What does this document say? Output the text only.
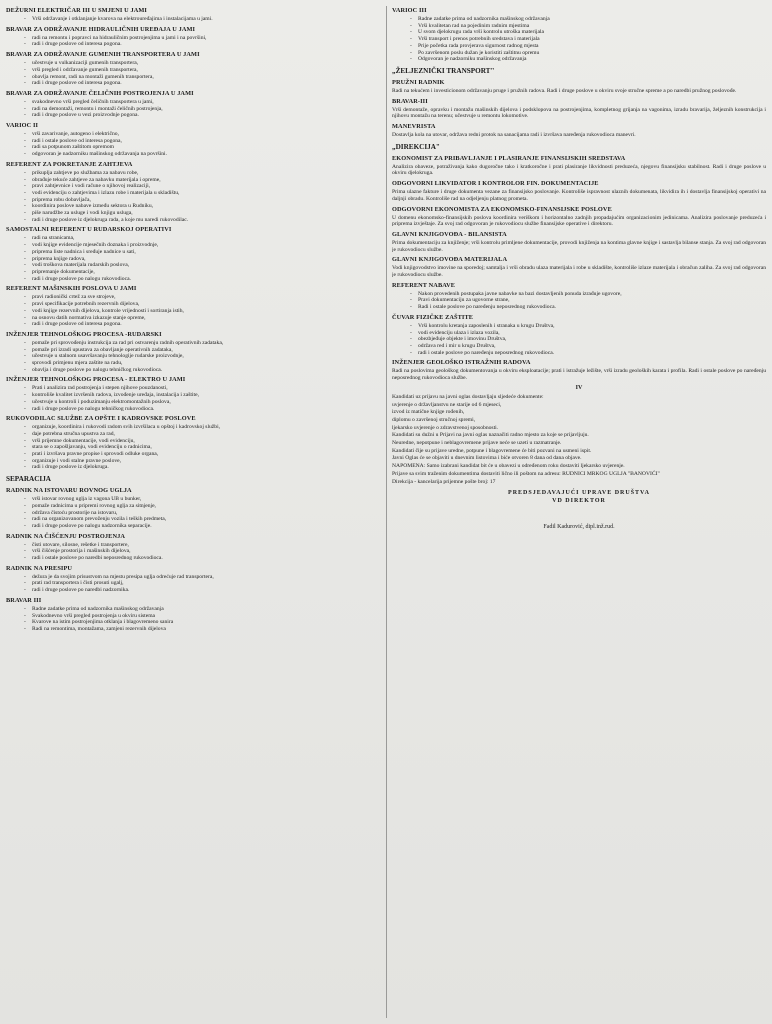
DEŽURNI ELEKTRIČAR III U SMJENI U JAMI
- Vrši održavanje i otklanjanje kvarova na elektrouređajima i instalacijama u jami.
BRAVAR ZA ODRŽAVANJE HIDRAULIČNIH UREĐAJA U JAMI
- radi na remontu i popravci na hidrauličnim postrojenjima u jami i na površini,
- radi i druge poslove od interesa pogona.
BRAVAR ZA ODRŽAVANJE GUMENIH TRANSPORTERA U JAMI
- učestvuje u vulkanizaciji gumenih transportera,
- vrši pregled i održavanje gumenih transportera,
- obavlja remont, radi na montaži gumenih transportera,
- radi i druge poslove od interesa pogona.
BRAVAR ZA ODRŽAVANJE ČELIČNIH POSTROJENJA U JAMI
- svakodnevno vrši pregled čeličnih transportera u jami,
- radi na demontaži, remontu i montaži čeličnih postrojenja,
- radi i druge poslove u vezi proizvodnje pogona.
VARIOC II
- vrši zavarivanje, autogeno i električno,
- radi i ostale poslove od interesa pogona,
- radi sa potpunom zaštitom opremom
- odgovoran je nadzorniku mašinskog održavanja na površini.
REFERENT ZA POKRETANJE ZAHTJEVA
- prikuplja zahtjeve po službama za nabavu robe,
- obrađuje tekuće zahtjeve za nabavku materijala i opreme,
- pravi zahtjevnice i vodi račune o njihovoj realizaciji,
- vodi evidenciju o zahtjevima i izlazu robe i materijala u skladištu,
- priprema robu dobavljača,
- koordinira poslove nabave između sektora u Rudniku,
- piše narudžbe za usluge i vodi knjigu usluga,
- radi i druge poslove iz djelokruga rada, a koje mu naredi rukovodilac.
SAMOSTALNI REFERENT U RUDARSKOJ OPERATIVI
- radi na stranicama,
- vodi knjige evidencije mjesečnih doznaka i proizvodnje,
- priprema liste nadnica i sređuje nadnice u sati,
- priprema knjige radova,
- vodi troškova materijala rudarskih poslova,
- pripremanje dokumentacije,
- radi i druge poslove po nalogu rukovodioca.
REFERENT MAŠINSKIH POSLOVA U JAMI
- pravi radionički crtež za sve strojeve,
- pravi specifikacije potrebnih rezervnih dijelova,
- vodi knjige rezervnih dijelova, kontrole vrijednosti i sortiranja istih,
- na osnovu datih normativa izkazuje stanje opreme,
- radi i druge poslove od interesa pogona.
INŽENJER TEHNOLOŠKOG PROCESA -RUDARSKI
- pomaže pri sprovođenju instrukcija za rad pri ostvarenju radnih operativnih zadataka,
- pomaže pri izradi upustava za obavljanje operativnih zadataka,
- učestvuje u stalnom usavršavanju tehnologije rudarske proizvodnje,
- sprovodi primjenu mjera zaštite na radu,
- obavlja i druge poslove po nalogu tehničkog rukovodioca.
INŽENJER TEHNOLOŠKOG PROCESA - ELEKTRO U JAMI
- Prati i analizira rad postrojenja i stepen njihove pouzdanosti,
- kontroliše kvalitet izvršenih radova, izvođenje uređaja, instalacija i zaštite,
- učestvuje u kontroli i poduzimanju elektromontažnih poslova,
- radi i druge poslove po nalogu tehničkog rukovodioca.
RUKOVODILAC SLUŽBE ZA OPŠTE I KADROVSKE POSLOVE
- organizuje, koordinira i rukovodi radom svih izvršilaca u opštoj i kadrovskoj službi,
- daje potrebna stručna upustva za rad,
- vrši prijemne dokumentacije, vodi evidenciju,
- stara se o zapošljavanju, vodi evidenciju o radnicima,
- prati i izvršava pravne propise i sprovodi odluke organa,
- organizuje i vodi stalne pravne poslove,
- radi i druge poslove iz djelokruga.
SEPARACIJA
RADNIK NA ISTOVARU ROVNOG UGLJA
- vrši istovar rovnog uglja iz vagona UB u bunker,
- pomaže radnicima u pripremi rovnog uglja za sitnjenje,
- održava čistoću prostorije na istovaru,
- radi na organizovanom prevoženju vozila i teških predmeta,
- radi i druge poslove po nalogu nadzornika separacije.
RADNIK NA ČIŠĆENJU POSTROJENJA
- čisti utovare, silosne, rešetke i transportere,
- vrši čišćenje prostorija i mašinskih dijelova,
- radi i ostale poslove po naredbi neposrednog rukovodioca.
RADNIK NA PRESIPU
- dežura je da svojim prisustvom na mjestu presipa uglja odrećuje rad transportera,
- prati rad transportera i čisti prosuti ugalj,
- radi i druge poslove po naredbi nadzornika.
BRAVAR III
- Radne zadatke prima od nadzornika mašinskog održavanja
- Svakodnevno vrši pregled postrojenja u okviru sistema
- Kvarove na istim postrojenjima otklanja i blagovremeno sanira
- Radi na remontima, montažama, zamjeni rezervnih dijelova
VARIOC III
- Radne zadatke prima od nadzornika mašinskog održavanja
- Vrši kvalitetan rad na pojedinim radnim mjestima
- U svom djelokrugu rada vrši kontrolu utroška materijala
- Vrši transport i prenos potrebnih sredstava i materijala
- Prije početka rada provjerava sigurnost radnog mjesta
- Po završenom poslu dužan je koristiti zaštitnu opremu
- Odgovoran je nadzorniku mašinskog održavanja
„ŽELJEZNIČKI TRANSPORT"
PRUŽNI RADNIK

Radi na tekućem i investicionom održavanju pruge i pružnih radova. Radi i druge poslove u okviru svoje stručne spreme a po naredbi pružnog poslovođe.

BRAVAR-III

Vrši demontaže, opravku i montažu mašinskih dijelova i podsklopova na postrojenjima, kompletnog grijanja na vagonima, izradu bravarija, željeznih konstrukcija i njihovu montažu na terenu; učestvuje u remontu lokomotive.

MANEVRISTA

Dostavlja kola na utovar, održava redni protok na sanacijama radi i izvršava naređenja rukovodioca manevri.

„DIREKCIJA"
EKONOMIST ZA PRIBAVLJANJE I PLASIRANJE FINANSIJSKIH SREDSTAVA

Analizira obaveze, potraživanja kako dugoročne tako i kratkoročne i prati plasiranje likvidnosti preduzeća, njegovu finansijsku stabilnost. Radi i druge poslove u okviru djelokruga.

ODGOVORNI LIKVIDATOR I KONTROLOR FIN. DOKUMENTACIJE

Prima ulazne fakture i druge dokumenta vezane za finansijsko poslovanje. Kontroliše ispravnost ulaznih dokumenata, likvidira ih i dostavlja finansijskoj operativi na daljnji obradu. Kontroliše rad na odjeljenju platnog prometa.

ODGOVORNI EKONOMISTA ZA EKONOMSKO-FINANSIJSKE POSLOVE

U domenu ekonomsko-finansijskih poslova koordinira veriškom i horizontalno zadnjih propadajućim organizacionim jedinicama. Analizira poslovanje preduzeća i priprema izvještaje. Za svoj rad odgovoran je rukovodiocu službe finansijske operative i direktoru.

GLAVNI KNJIGOVOĐA - BILANSISTA

Prima dokumentaciju za knjiženje; vrši kontrolu primljene dokumentacije, provodi knjiženja na kontima glavne knjige i sastavlja bilanse stanja. Za svoj rad odgovoran je rukovodiocu službe.

GLAVNI KNJIGOVOĐA MATERIJALA

Vodi knjigovodstvo imovine na sporedoj; samtalja i vrši obradu ulaza materijala i robe u skladište, kontroliše izlaze materijala i obračun zaliha. Za svoj rad odgovoran je rukovodiocu službe.

REFERENT NABAVE
- Nakon provedenih postupaka javne nabavke na bazi dostavljenih ponuda izrađuje ugovore,
- Pravi dokumentaciju za ugovorne strane,
- Radi i ostale poslove po naređenju neposrednog rukovodioca.
ČUVAR FIZIČKE ZAŠTITE
- Vrši kontrolu kretanja zaposlenih i stranaka u krugu Društva,
- vodi evidenciju ulaza i izlaza vozila,
- obezbjeđuje objekte i imovinu Društva,
- održava red i mir u krugu Društva,
- radi i ostale poslove po naređenju neposrednog rukovodioca.
INŽENJER GEOLOŠKO ISTRAŽNIH RADOVA

Radi na poslovima geološkog dokumentovanja u okviru eksploatacije; prati i istražuje ležište, vrši izradu geoloških karata i profila. Radi i ostale poslove po naređenju neposrednog rukovodioca službe.

IV

Kandidati uz prijavu na javni oglas dostavljaju sljedeće dokumente:

uvjerenje o državljanstvu ne starije od 6 mjeseci,

izvod iz matične knjige rođenih,

diplomu o završenoj stručnoj spremi,

ljekarsko uvjerenje o zdravstvenoj sposobnosti.

Kandidati su dužni u Prijavi na javni oglas naznačiti radno mjesto za koje se prijavljuju.

Neuredne, nepotpune i neblagovremene prijave neće se uzeti u razmatranje.

Kandidati čije su prijave uredne, potpune i blagovremene će biti pozvani na usmeni ispit.

Javni Oglas će se objaviti u dnevnim listovima i biće otvoren 8 dana od dana objave.

NAPOMENA: Samo izabrani kandidat bit će u obavezi u određenom roku dostaviti ljekarsko uvjerenje.

Prijave sa svim traženim dokumentima dostaviti lično ili poštom na adresu: RUDNICI MRKOG UGLJA "BANOVIĆI"

Direkcija - kancelarija prijemne pošte broj: 17

PREDSJEDAVAJUĆI UPRAVE DRUŠTVA
VD DIREKTOR
Fadil Kadurović, dipl.inž.rud.
